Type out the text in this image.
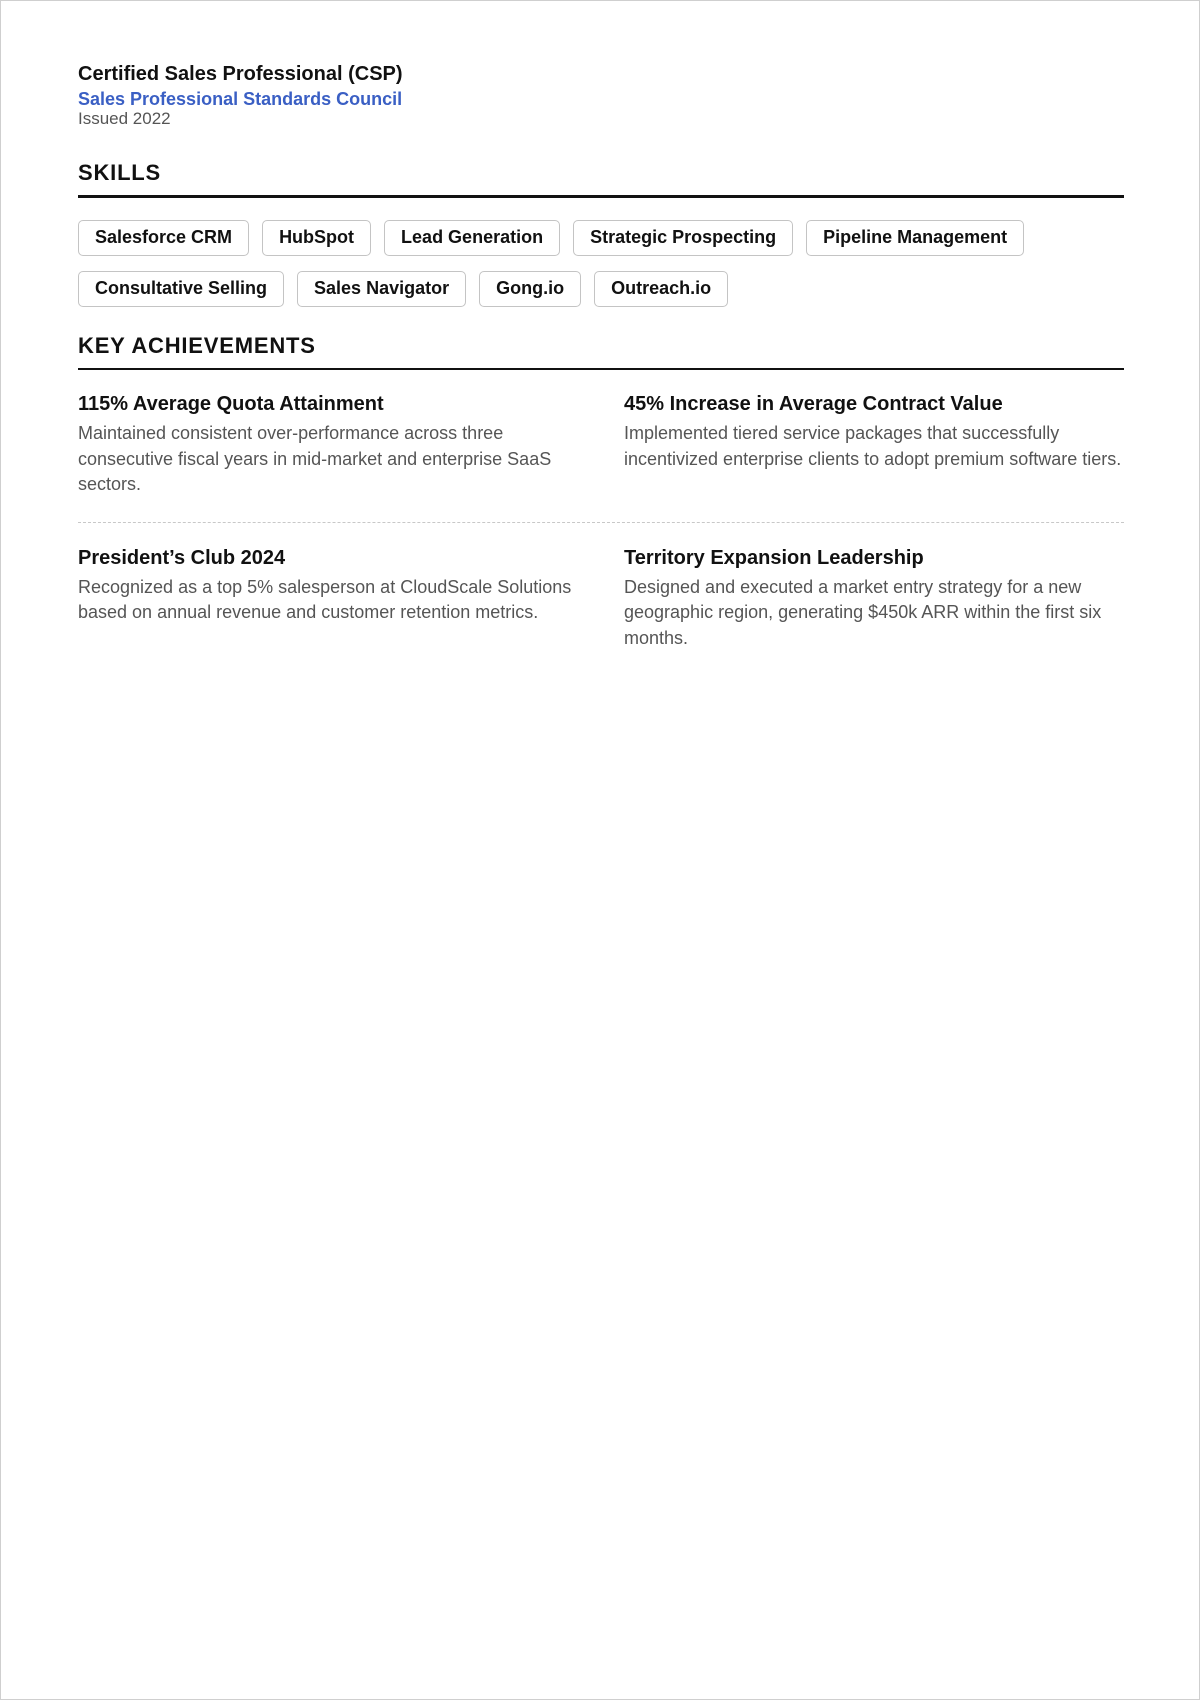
Certified Sales Professional (CSP)
Sales Professional Standards Council
Issued 2022
SKILLS
Salesforce CRM	HubSpot	Lead Generation	Strategic Prospecting	Pipeline Management
Consultative Selling	Sales Navigator	Gong.io	Outreach.io
KEY ACHIEVEMENTS
115% Average Quota Attainment
Maintained consistent over-performance across three consecutive fiscal years in mid-market and enterprise SaaS sectors.
45% Increase in Average Contract Value
Implemented tiered service packages that successfully incentivized enterprise clients to adopt premium software tiers.
President’s Club 2024
Recognized as a top 5% salesperson at CloudScale Solutions based on annual revenue and customer retention metrics.
Territory Expansion Leadership
Designed and executed a market entry strategy for a new geographic region, generating $450k ARR within the first six months.
